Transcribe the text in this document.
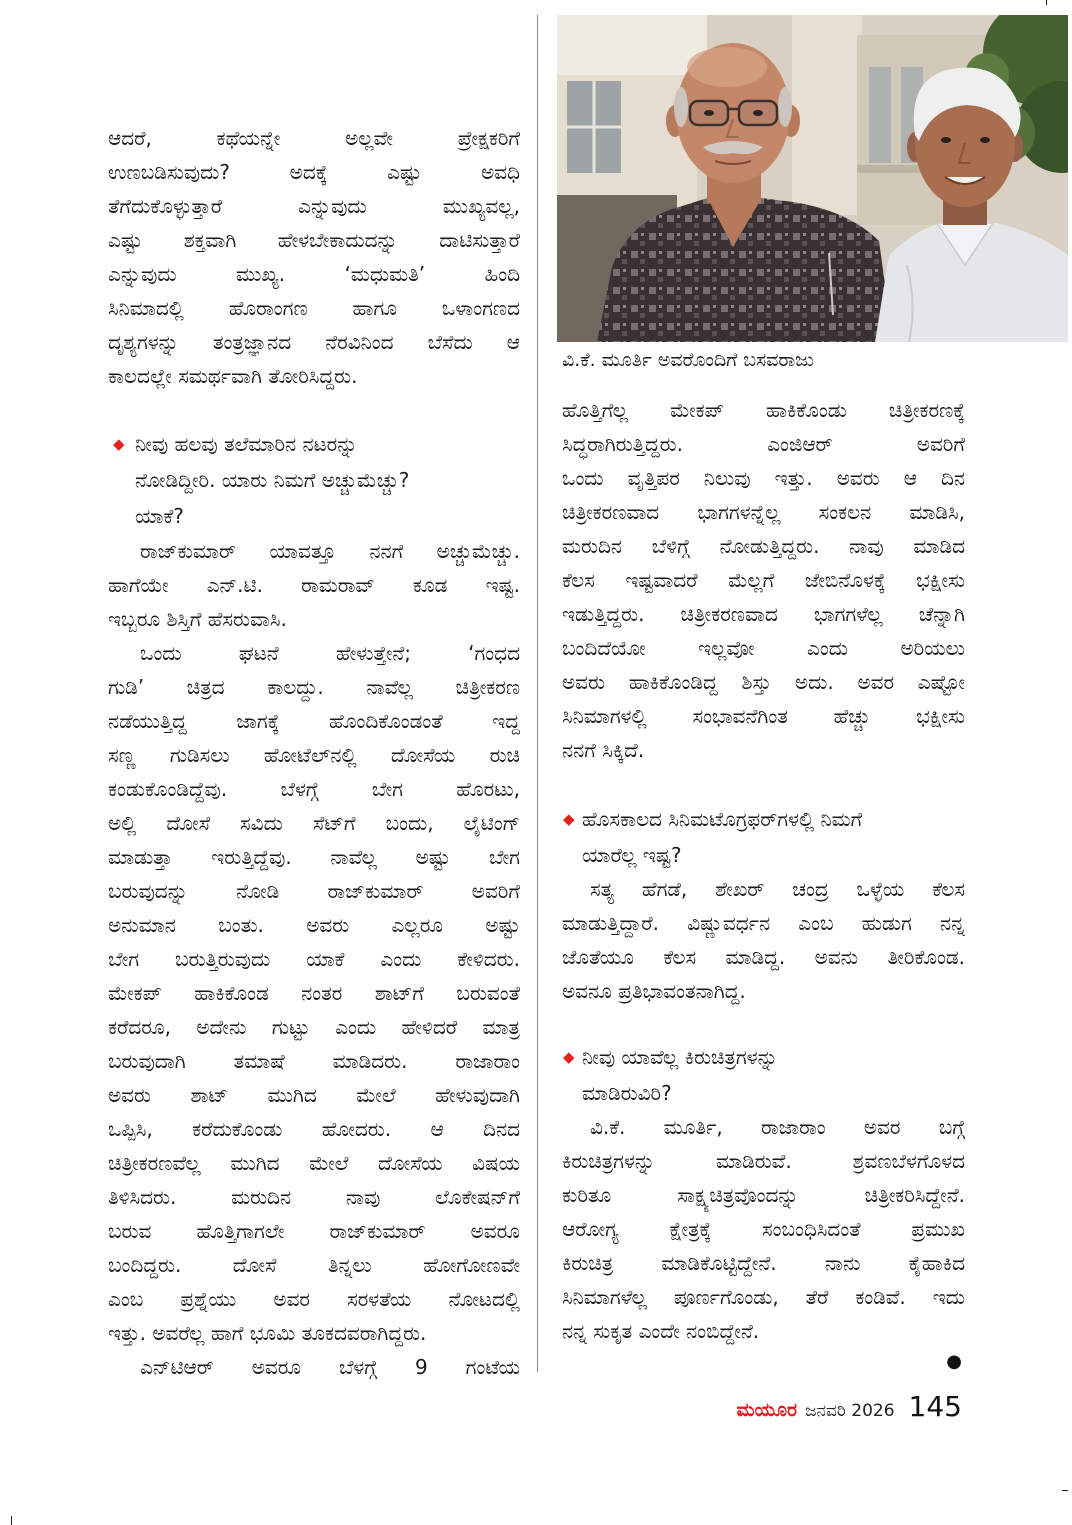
ಆದರೆ, ಕಥೆಯನ್ನೇ ಅಲ್ಲವೇ ಪ್ರೇಕ್ಷಕರಿಗೆ
ಉಣಬಡಿಸುವುದು? ಅದಕ್ಕೆ ಎಷ್ಟು ಅವಧಿ
ತೆಗೆದುಕೊಳ್ಳುತ್ತಾರೆ ಎನ್ನುವುದು ಮುಖ್ಯವಲ್ಲ,
ಎಷ್ಟು ಶಕ್ತವಾಗಿ ಹೇಳಬೇಕಾದುದನ್ನು ದಾಟಿಸುತ್ತಾರೆ
ಎನ್ನುವುದು ಮುಖ್ಯ. ‘ಮಧುಮತಿ’ ಹಿಂದಿ
ಸಿನಿಮಾದಲ್ಲಿ ಹೊರಾಂಗಣ ಹಾಗೂ ಒಳಾಂಗಣದ
ದೃಶ್ಯಗಳನ್ನು ತಂತ್ರಜ್ಞಾನದ ನೆರವಿನಿಂದ ಬೆಸೆದು ಆ
ಕಾಲದಲ್ಲೇ ಸಮರ್ಥವಾಗಿ ತೋರಿಸಿದ್ದರು.
◆ ನೀವು ಹಲವು ತಲೆಮಾರಿನ ನಟರನ್ನು
ನೋಡಿದ್ದೀರಿ. ಯಾರು ನಿಮಗೆ ಅಚ್ಚುಮೆಚ್ಚು?
ಯಾಕೆ?
ರಾಜ್‌ಕುಮಾರ್ ಯಾವತ್ತೂ ನನಗೆ ಅಚ್ಚುಮೆಚ್ಚು.
ಹಾಗೆಯೇ ಎನ್.ಟಿ. ರಾಮರಾವ್ ಕೂಡ ಇಷ್ಟ.
ಇಬ್ಬರೂ ಶಿಸ್ತಿಗೆ ಹೆಸರುವಾಸಿ.
ಒಂದು ಘಟನೆ ಹೇಳುತ್ತೇನೆ; ‘ಗಂಧದ
ಗುಡಿ’ ಚಿತ್ರದ ಕಾಲದ್ದು. ನಾವೆಲ್ಲ ಚಿತ್ರೀಕರಣ
ನಡೆಯುತ್ತಿದ್ದ ಜಾಗಕ್ಕೆ ಹೊಂದಿಕೊಂಡಂತೆ ಇದ್ದ
ಸಣ್ಣ ಗುಡಿಸಲು ಹೋಟೆಲ್‌ನಲ್ಲಿ ದೋಸೆಯ ರುಚಿ
ಕಂಡುಕೊಂಡಿದ್ದೆವು. ಬೆಳಗ್ಗೆ ಬೇಗ ಹೊರಟು,
ಅಲ್ಲಿ ದೋಸೆ ಸವಿದು ಸೆಟ್‌ಗೆ ಬಂದು, ಲೈಟಿಂಗ್
ಮಾಡುತ್ತಾ ಇರುತ್ತಿದ್ದೆವು. ನಾವೆಲ್ಲ ಅಷ್ಟು ಬೇಗ
ಬರುವುದನ್ನು ನೋಡಿ ರಾಜ್‌ಕುಮಾರ್ ಅವರಿಗೆ
ಅನುಮಾನ ಬಂತು. ಅವರು ಎಲ್ಲರೂ ಅಷ್ಟು
ಬೇಗ ಬರುತ್ತಿರುವುದು ಯಾಕೆ ಎಂದು ಕೇಳಿದರು.
ಮೇಕಪ್ ಹಾಕಿಕೊಂಡ ನಂತರ ಶಾಟ್‌ಗೆ ಬರುವಂತೆ
ಕರೆದರೂ, ಅದೇನು ಗುಟ್ಟು ಎಂದು ಹೇಳಿದರೆ ಮಾತ್ರ
ಬರುವುದಾಗಿ ತಮಾಷೆ ಮಾಡಿದರು. ರಾಜಾರಾಂ
ಅವರು ಶಾಟ್ ಮುಗಿದ ಮೇಲೆ ಹೇಳುವುದಾಗಿ
ಒಪ್ಪಿಸಿ, ಕರೆದುಕೊಂಡು ಹೋದರು. ಆ ದಿನದ
ಚಿತ್ರೀಕರಣವೆಲ್ಲ ಮುಗಿದ ಮೇಲೆ ದೋಸೆಯ ವಿಷಯ
ತಿಳಿಸಿದರು. ಮರುದಿನ ನಾವು ಲೊಕೇಷನ್‌ಗೆ
ಬರುವ ಹೊತ್ತಿಗಾಗಲೇ ರಾಜ್‌ಕುಮಾರ್ ಅವರೂ
ಬಂದಿದ್ದರು. ದೋಸೆ ತಿನ್ನಲು ಹೋಗೋಣವೇ
ಎಂಬ ಪ್ರಶ್ನೆಯು ಅವರ ಸರಳತೆಯ ನೋಟದಲ್ಲಿ
ಇತ್ತು. ಅವರೆಲ್ಲ ಹಾಗೆ ಭೂಮಿ ತೂಕದವರಾಗಿದ್ದರು.
ಎನ್‌ಟಿಆರ್ ಅವರೂ ಬೆಳಗ್ಗೆ 9 ಗಂಟೆಯ
ವಿ.ಕೆ. ಮೂರ್ತಿ ಅವರೊಂದಿಗೆ ಬಸವರಾಜು
ಹೊತ್ತಿಗೆಲ್ಲ ಮೇಕಪ್ ಹಾಕಿಕೊಂಡು ಚಿತ್ರೀಕರಣಕ್ಕೆ
ಸಿದ್ಧರಾಗಿರುತ್ತಿದ್ದರು. ಎಂಜಿಆರ್ ಅವರಿಗೆ
ಒಂದು ವೃತ್ತಿಪರ ನಿಲುವು ಇತ್ತು. ಅವರು ಆ ದಿನ
ಚಿತ್ರೀಕರಣವಾದ ಭಾಗಗಳನ್ನೆಲ್ಲ ಸಂಕಲನ ಮಾಡಿಸಿ,
ಮರುದಿನ ಬೆಳಿಗ್ಗೆ ನೋಡುತ್ತಿದ್ದರು. ನಾವು ಮಾಡಿದ
ಕೆಲಸ ಇಷ್ಟವಾದರೆ ಮೆಲ್ಲಗೆ ಜೇಬಿನೊಳಕ್ಕೆ ಭಕ್ಷೀಸು
ಇಡುತ್ತಿದ್ದರು. ಚಿತ್ರೀಕರಣವಾದ ಭಾಗಗಳೆಲ್ಲ ಚೆನ್ನಾಗಿ
ಬಂದಿದೆಯೋ ಇಲ್ಲವೋ ಎಂದು ಅರಿಯಲು
ಅವರು ಹಾಕಿಕೊಂಡಿದ್ದ ಶಿಸ್ತು ಅದು. ಅವರ ಎಷ್ಟೋ
ಸಿನಿಮಾಗಳಲ್ಲಿ ಸಂಭಾವನೆಗಿಂತ ಹೆಚ್ಚು ಭಕ್ಷೀಸು
ನನಗೆ ಸಿಕ್ಕಿದೆ.
◆ ಹೊಸಕಾಲದ ಸಿನಿಮಟೊಗ್ರಫರ್‌ಗಳಲ್ಲಿ ನಿಮಗೆ
ಯಾರೆಲ್ಲ ಇಷ್ಟ?
ಸತ್ಯ ಹೆಗಡೆ, ಶೇಖರ್ ಚಂದ್ರ ಒಳ್ಳೆಯ ಕೆಲಸ
ಮಾಡುತ್ತಿದ್ದಾರೆ. ವಿಷ್ಣುವರ್ಧನ ಎಂಬ ಹುಡುಗ ನನ್ನ
ಜೊತೆಯೂ ಕೆಲಸ ಮಾಡಿದ್ದ. ಅವನು ತೀರಿಕೊಂಡ.
ಅವನೂ ಪ್ರತಿಭಾವಂತನಾಗಿದ್ದ.
◆ ನೀವು ಯಾವೆಲ್ಲ ಕಿರುಚಿತ್ರಗಳನ್ನು
ಮಾಡಿರುವಿರಿ?
ವಿ.ಕೆ. ಮೂರ್ತಿ, ರಾಜಾರಾಂ ಅವರ ಬಗ್ಗೆ
ಕಿರುಚಿತ್ರಗಳನ್ನು ಮಾಡಿರುವೆ. ಶ್ರವಣಬೆಳಗೊಳದ
ಕುರಿತೂ ಸಾಕ್ಷ್ಯಚಿತ್ರವೊಂದನ್ನು ಚಿತ್ರೀಕರಿಸಿದ್ದೇನೆ.
ಆರೋಗ್ಯ ಕ್ಷೇತ್ರಕ್ಕೆ ಸಂಬಂಧಿಸಿದಂತೆ ಪ್ರಮುಖ
ಕಿರುಚಿತ್ರ ಮಾಡಿಕೊಟ್ಟಿದ್ದೇನೆ. ನಾನು ಕೈಹಾಕಿದ
ಸಿನಿಮಾಗಳೆಲ್ಲ ಪೂರ್ಣಗೊಂಡು, ತೆರೆ ಕಂಡಿವೆ. ಇದು
ನನ್ನ ಸುಕೃತ ಎಂದೇ ನಂಬಿದ್ದೇನೆ.
●
ಮಯೂರ ಜನವರಿ 2026 145
